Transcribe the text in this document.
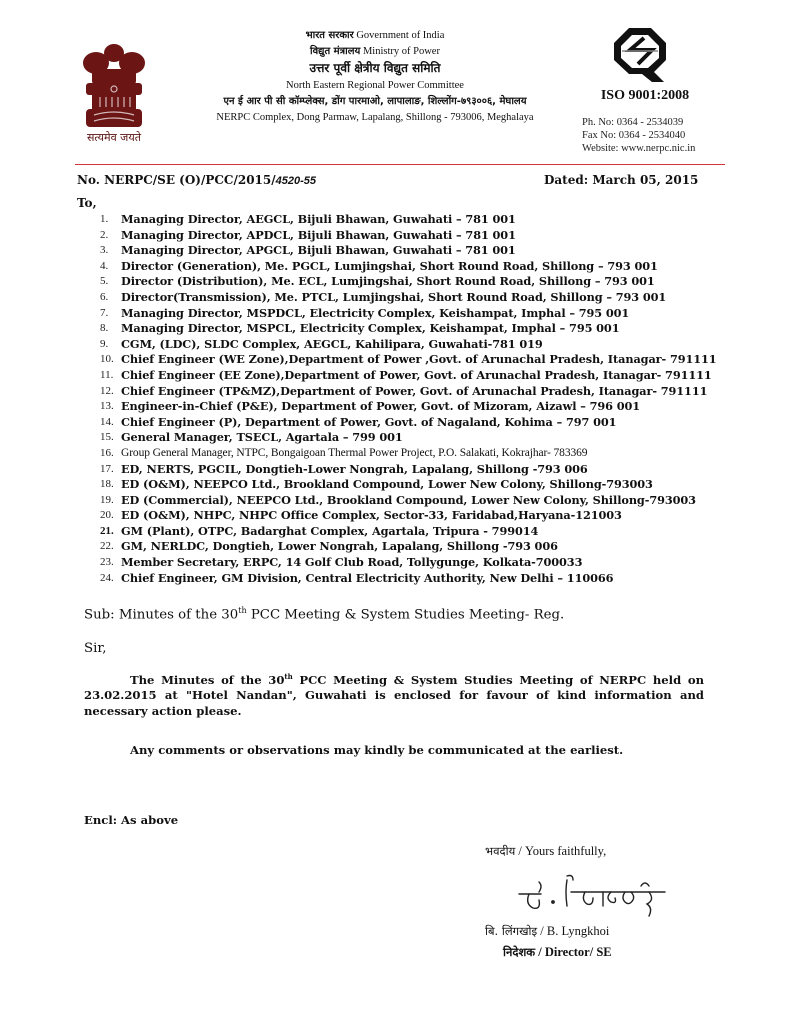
सत्यमेव जयते
भारत सरकार Government of India
विद्युत मंत्रालय Ministry of Power
उत्तर पूर्वी क्षेत्रीय विद्युत समिति
North Eastern Regional Power Committee
एन ई आर पी सी कॉम्प्लेक्स, डोंग पारमाओ, लापालाङ, शिल्लोंग-७९३००६, मेघालय
NERPC Complex, Dong Parmaw, Lapalang, Shillong - 793006, Meghalaya
ISO 9001:2008
Ph. No: 0364 - 2534039
Fax No: 0364 - 2534040
Website: www.nerpc.nic.in
No. NERPC/SE (O)/PCC/2015/4520-55	Dated: March 05, 2015
To,
1.	Managing Director, AEGCL, Bijuli Bhawan, Guwahati – 781 001
2.	Managing Director, APDCL, Bijuli Bhawan, Guwahati – 781 001
3.	Managing Director, APGCL, Bijuli Bhawan, Guwahati – 781 001
4.	Director (Generation), Me. PGCL, Lumjingshai, Short Round Road, Shillong – 793 001
5.	Director (Distribution), Me. ECL, Lumjingshai, Short Round Road, Shillong – 793 001
6.	Director(Transmission), Me. PTCL, Lumjingshai, Short Round Road, Shillong – 793 001
7.	Managing Director, MSPDCL, Electricity Complex, Keishampat, Imphal – 795 001
8.	Managing Director, MSPCL, Electricity Complex, Keishampat, Imphal – 795 001
9.	CGM, (LDC), SLDC Complex, AEGCL, Kahilipara, Guwahati-781 019
10. Chief Engineer (WE Zone),Department of Power ,Govt. of Arunachal Pradesh, Itanagar- 791111
11. Chief Engineer (EE Zone),Department of Power, Govt. of Arunachal Pradesh, Itanagar- 791111
12. Chief Engineer (TP&MZ),Department of Power, Govt. of Arunachal Pradesh, Itanagar- 791111
13. Engineer-in-Chief (P&E), Department of Power, Govt. of Mizoram, Aizawl – 796 001
14. Chief Engineer (P), Department of Power, Govt. of Nagaland, Kohima – 797 001
15. General Manager, TSECL, Agartala – 799 001
16. Group General Manager, NTPC, Bongaigoan Thermal Power Project, P.O. Salakati, Kokrajhar- 783369
17. ED, NERTS, PGCIL, Dongtieh-Lower Nongrah, Lapalang, Shillong -793 006
18. ED (O&M), NEEPCO Ltd., Brookland Compound, Lower New Colony, Shillong-793003
19. ED (Commercial), NEEPCO Ltd., Brookland Compound, Lower New Colony, Shillong-793003
20. ED (O&M), NHPC, NHPC Office Complex, Sector-33, Faridabad,Haryana-121003
21. GM (Plant), OTPC, Badarghat Complex, Agartala, Tripura - 799014
22. GM, NERLDC, Dongtieh, Lower Nongrah, Lapalang, Shillong -793 006
23. Member Secretary, ERPC, 14 Golf Club Road, Tollygunge, Kolkata-700033
24. Chief Engineer, GM Division, Central Electricity Authority, New Delhi – 110066
Sub: Minutes of the 30th PCC Meeting & System Studies Meeting- Reg.
Sir,
The Minutes of the 30th PCC Meeting & System Studies Meeting of NERPC held on 23.02.2015 at "Hotel Nandan", Guwahati is enclosed for favour of kind information and necessary action please.
Any comments or observations may kindly be communicated at the earliest.
Encl: As above
भवदीय / Yours faithfully,
बि. लिंगखोइ / B. Lyngkhoi
निदेशक / Director/ SE
